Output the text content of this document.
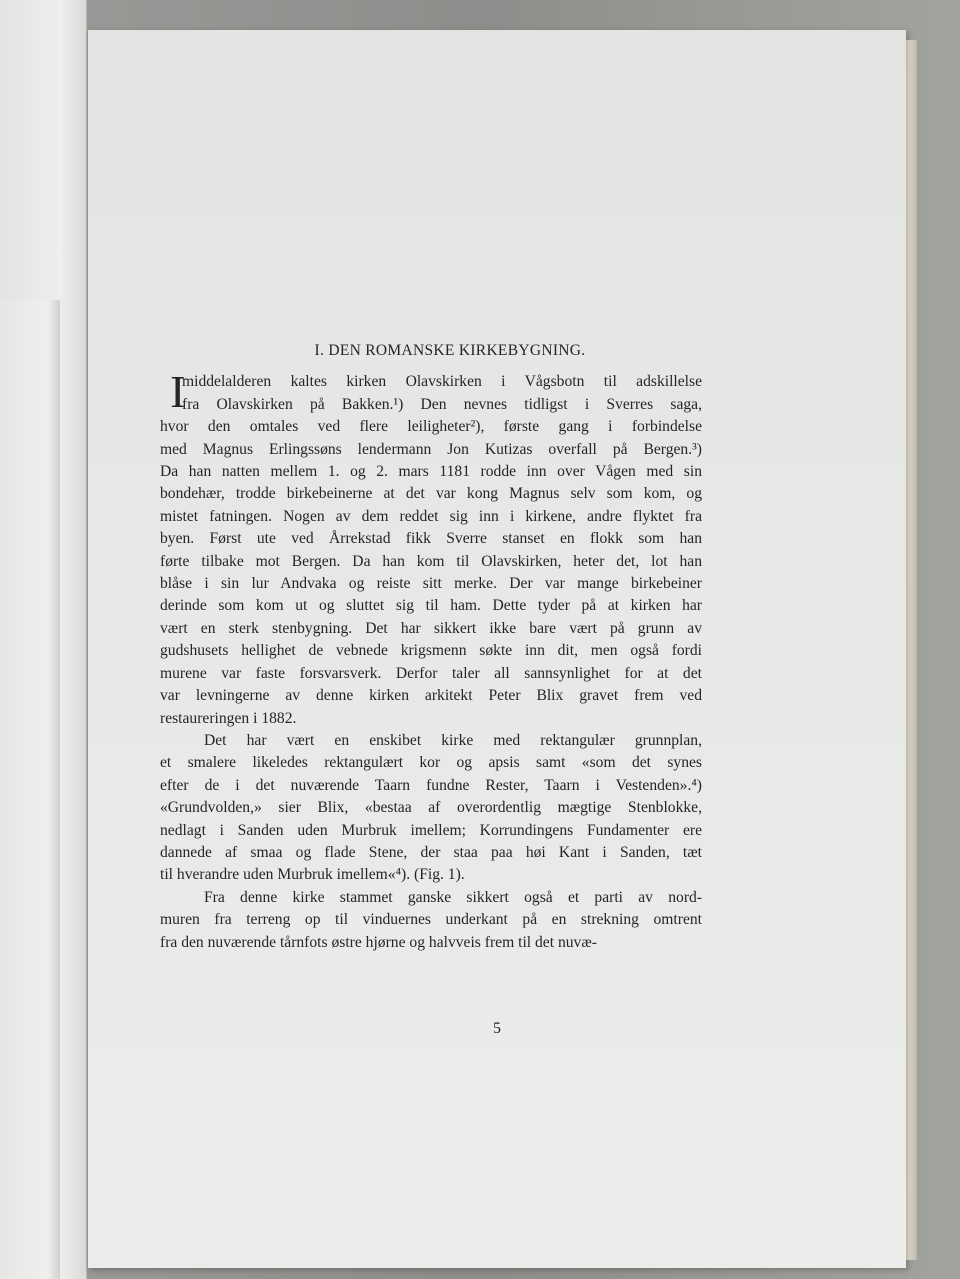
5
I. DEN ROMANSKE KIRKEBYGNING.
I
middelalderen kaltes kirken Olavskirken i Vågsbotn til adskillelse
fra Olavskirken på Bakken.¹) Den nevnes tidligst i Sverres saga,
hvor den omtales ved flere leiligheter²), første gang i forbindelse
med Magnus Erlingssøns lendermann Jon Kutizas overfall på Bergen.³)
Da han natten mellem 1. og 2. mars 1181 rodde inn over Vågen med sin
bondehær, trodde birkebeinerne at det var kong Magnus selv som kom, og
mistet fatningen. Nogen av dem reddet sig inn i kirkene, andre flyktet fra
byen. Først ute ved Årrekstad fikk Sverre stanset en flokk som han
førte tilbake mot Bergen. Da han kom til Olavskirken, heter det, lot han
blåse i sin lur Andvaka og reiste sitt merke. Der var mange birkebeiner
derinde som kom ut og sluttet sig til ham. Dette tyder på at kirken har
vært en sterk stenbygning. Det har sikkert ikke bare vært på grunn av
gudshusets hellighet de vebnede krigsmenn søkte inn dit, men også fordi
murene var faste forsvarsverk. Derfor taler all sannsynlighet for at det
var levningerne av denne kirken arkitekt Peter Blix gravet frem ved
restaureringen i 1882.
Det har vært en enskibet kirke med rektangulær grunnplan,
et smalere likeledes rektangulært kor og apsis samt «som det synes
efter de i det nuværende Taarn fundne Rester, Taarn i Vestenden».⁴)
«Grundvolden,» sier Blix, «bestaa af overordentlig mægtige Stenblokke,
nedlagt i Sanden uden Murbruk imellem; Korrundingens Fundamenter ere
dannede af smaa og flade Stene, der staa paa høi Kant i Sanden, tæt
til hverandre uden Murbruk imellem«⁴). (Fig. 1).
Fra denne kirke stammet ganske sikkert også et parti av nord-
muren fra terreng op til vinduernes underkant på en strekning omtrent
fra den nuværende tårnfots østre hjørne og halvveis frem til det nuvæ-
